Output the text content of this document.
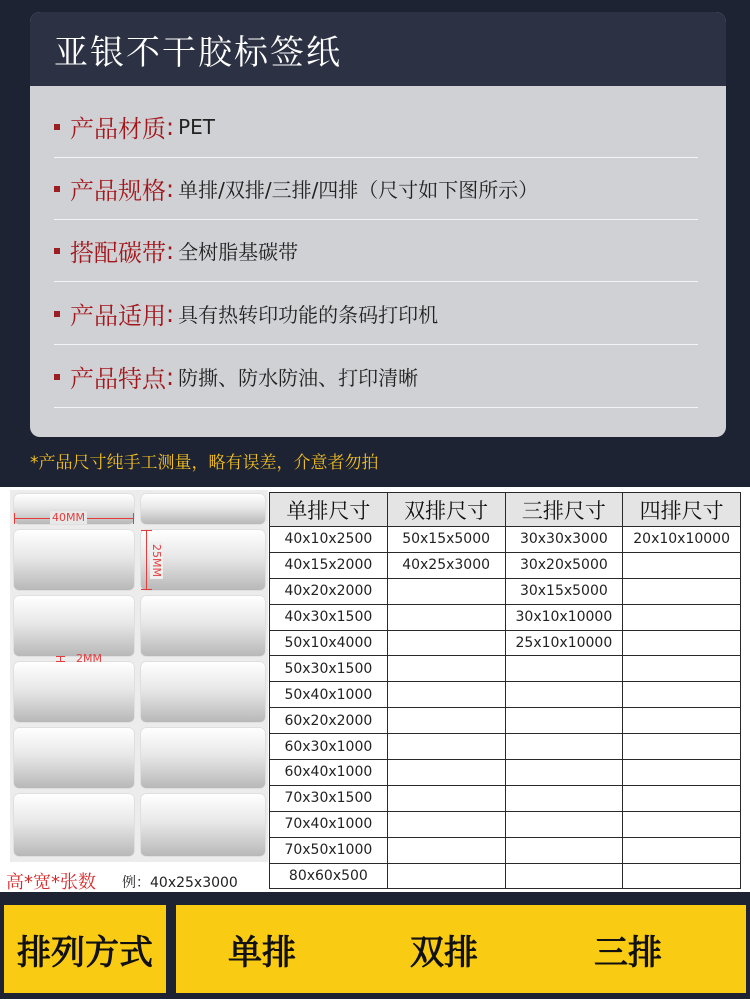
亚银不干胶标签纸
产品材质 : PET
产品规格 : 单排/双排/三排/四排（尺寸如下图所示）
搭配碳带 : 全树脂基碳带
产品适用 : 具有热转印功能的条码打印机
产品特点 : 防撕、防水防油、打印清晰
*产品尺寸纯手工测量，略有误差，介意者勿拍
40MM
25MM
2MM
高*宽*张数 例：40x25x3000
单排尺寸	双排尺寸	三排尺寸	四排尺寸
40x10x2500	50x15x5000	30x30x3000	20x10x10000
40x15x2000	40x25x3000	30x20x5000	
40x20x2000		30x15x5000	
40x30x1500		30x10x10000	
50x10x4000		25x10x10000	
50x30x1500			
50x40x1000			
60x20x2000			
60x30x1000			
60x40x1000			
70x30x1500			
70x40x1000			
70x50x1000			
80x60x500			
排列方式 单排	双排	三排
